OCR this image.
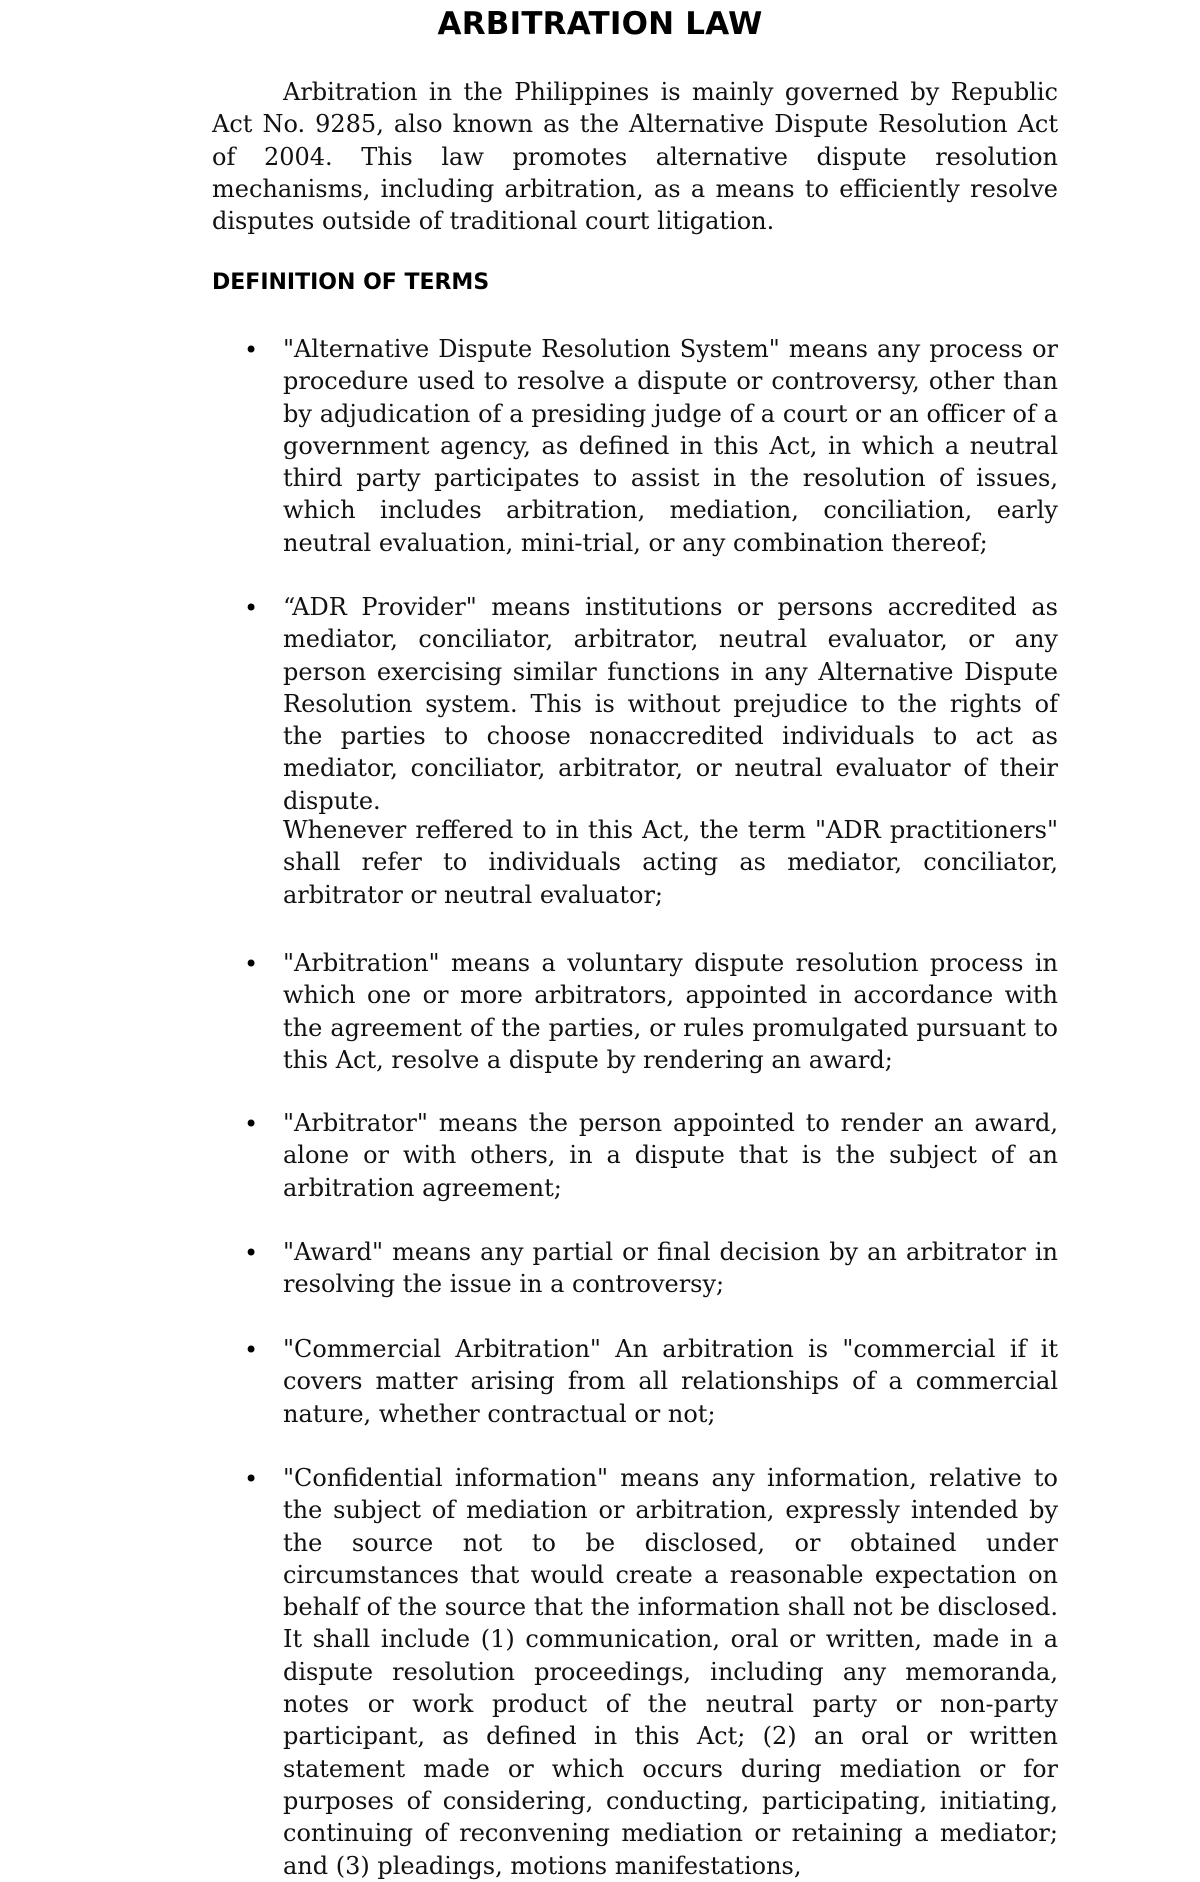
ARBITRATION LAW

Arbitration in the Philippines is mainly governed by Republic Act No. 9285, also known as the Alternative Dispute Resolution Act of 2004. This law promotes alternative dispute resolution mechanisms, including arbitration, as a means to efficiently resolve disputes outside of traditional court litigation.

DEFINITION OF TERMS
• "Alternative Dispute Resolution System" means any process or procedure used to resolve a dispute or controversy, other than by adjudication of a presiding judge of a court or an officer of a government agency, as defined in this Act, in which a neutral third party participates to assist in the resolution of issues, which includes arbitration, mediation, conciliation, early neutral evaluation, mini-trial, or any combination thereof;

• “ADR Provider" means institutions or persons accredited as mediator, conciliator, arbitrator, neutral evaluator, or any person exercising similar functions in any Alternative Dispute Resolution system. This is without prejudice to the rights of the parties to choose nonaccredited individuals to act as mediator, conciliator, arbitrator, or neutral evaluator of their dispute.

Whenever reffered to in this Act, the term "ADR practitioners" shall refer to individuals acting as mediator, conciliator, arbitrator or neutral evaluator;

• "Arbitration" means a voluntary dispute resolution process in which one or more arbitrators, appointed in accordance with the agreement of the parties, or rules promulgated pursuant to this Act, resolve a dispute by rendering an award;

• "Arbitrator" means the person appointed to render an award, alone or with others, in a dispute that is the subject of an arbitration agreement;

• "Award" means any partial or final decision by an arbitrator in resolving the issue in a controversy;

• "Commercial Arbitration" An arbitration is "commercial if it covers matter arising from all relationships of a commercial nature, whether contractual or not;

• "Confidential information" means any information, relative to the subject of mediation or arbitration, expressly intended by the source not to be disclosed, or obtained under circumstances that would create a reasonable expectation on behalf of the source that the information shall not be disclosed. It shall include (1) communication, oral or written, made in a dispute resolution proceedings, including any memoranda, notes or work product of the neutral party or non-party participant, as defined in this Act; (2) an oral or written statement made or which occurs during mediation or for purposes of considering, conducting, participating, initiating, continuing of reconvening mediation or retaining a mediator; and (3) pleadings, motions manifestations,
